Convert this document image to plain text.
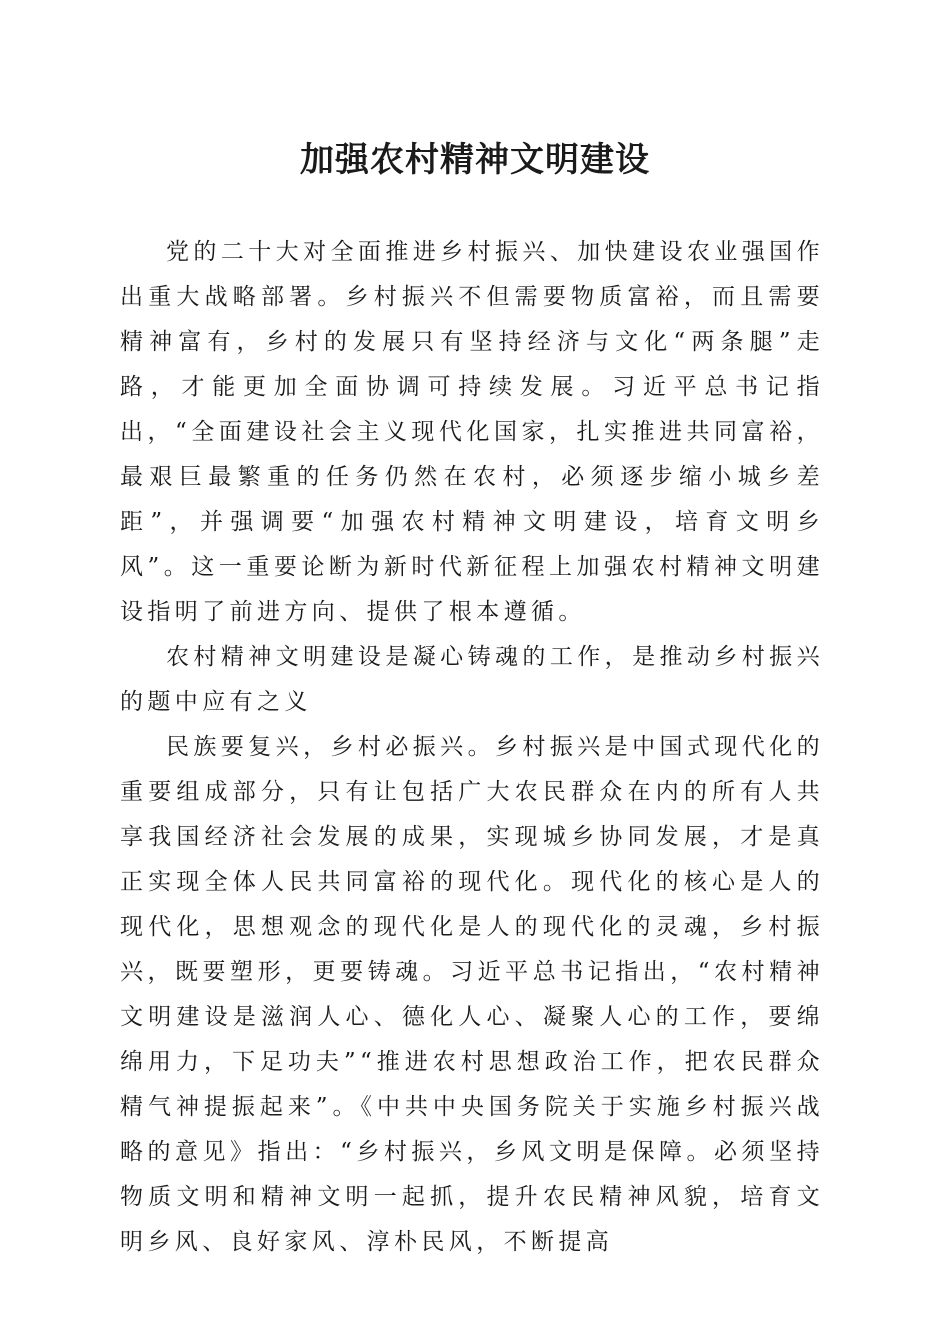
加强农村精神文明建设

党的二十大对全面推进乡村振兴、加快建设农业强国作出重大战略部署。乡村振兴不但需要物质富裕，而且需要精神富有，乡村的发展只有坚持经济与文化“两条腿”走路，才能更加全面协调可持续发展。习近平总书记指出，“全面建设社会主义现代化国家，扎实推进共同富裕，最艰巨最繁重的任务仍然在农村，必须逐步缩小城乡差距”，并强调要“加强农村精神文明建设，培育文明乡风”。这一重要论断为新时代新征程上加强农村精神文明建设指明了前进方向、提供了根本遵循。

农村精神文明建设是凝心铸魂的工作，是推动乡村振兴的题中应有之义

民族要复兴，乡村必振兴。乡村振兴是中国式现代化的重要组成部分，只有让包括广大农民群众在内的所有人共享我国经济社会发展的成果，实现城乡协同发展，才是真正实现全体人民共同富裕的现代化。现代化的核心是人的现代化，思想观念的现代化是人的现代化的灵魂，乡村振兴，既要塑形，更要铸魂。习近平总书记指出，“农村精神文明建设是滋润人心、德化人心、凝聚人心的工作，要绵绵用力，下足功夫”“推进农村思想政治工作，把农民群众精气神提振起来”。《中共中央国务院关于实施乡村振兴战略的意见》指出：“乡村振兴，乡风文明是保障。必须坚持物质文明和精神文明一起抓，提升农民精神风貌，培育文明乡风、良好家风、淳朴民风，不断提高
